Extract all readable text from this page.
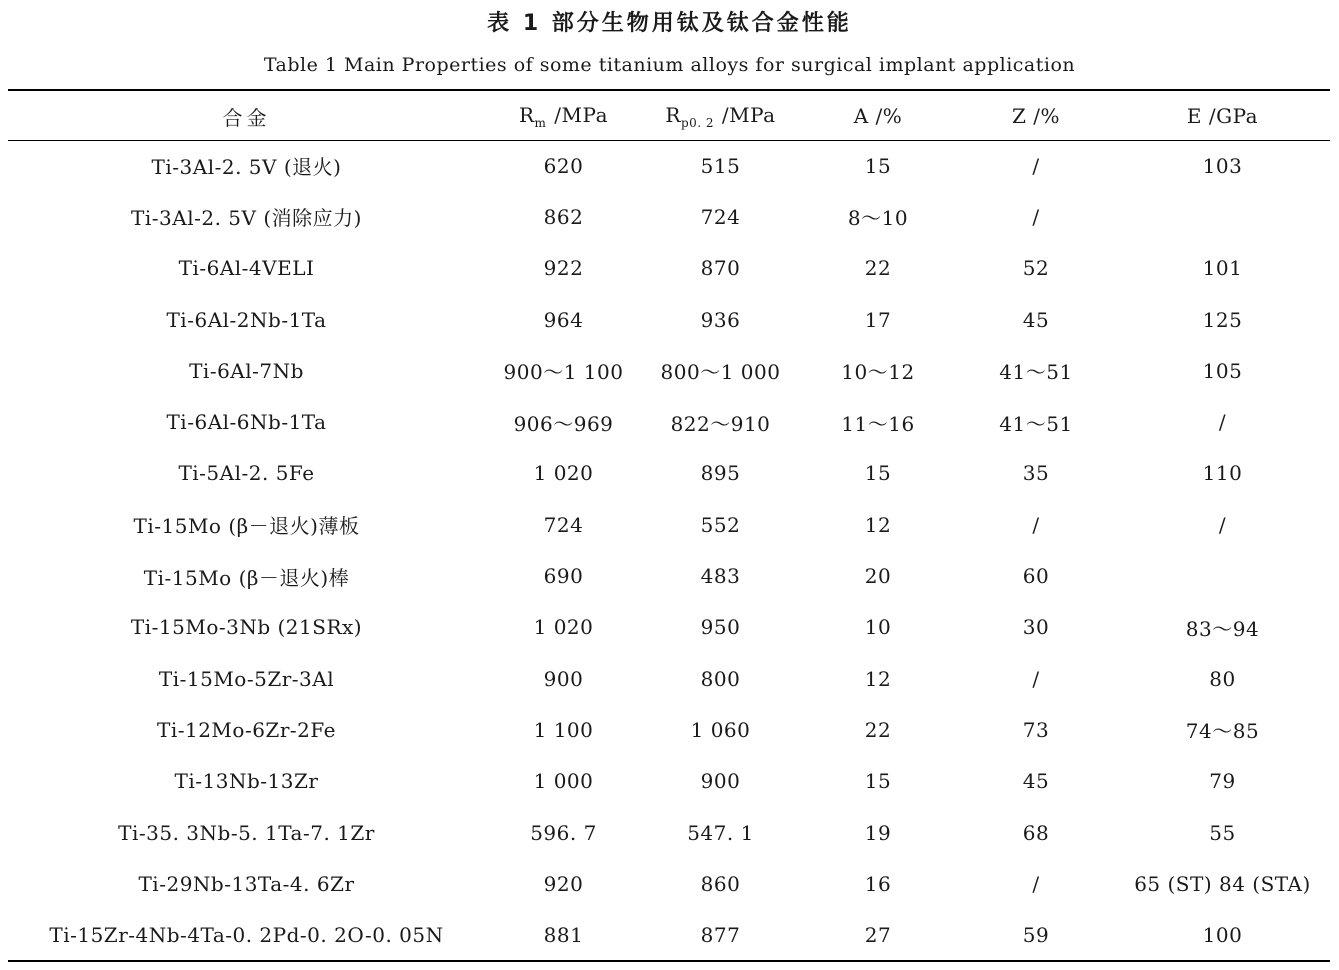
表 1 部分生物用钛及钛合金性能
Table 1 Main Properties of some titanium alloys for surgical implant application
合金	$R_m$ /MPa	$R_{p0. 2}$ /MPa	A /%	Z /%	E /GPa
Ti-3Al-2. 5V (退火)	620	515	15	/	103
Ti-3Al-2. 5V (消除应力)	862	724	8～10	/	
Ti-6Al-4VELI	922	870	22	52	101
Ti-6Al-2Nb-1Ta	964	936	17	45	125
Ti-6Al-7Nb	900～1 100	800～1 000	10～12	41～51	105
Ti-6Al-6Nb-1Ta	906～969	822～910	11～16	41～51	/
Ti-5Al-2. 5Fe	1 020	895	15	35	110
Ti-15Mo (β－退火)薄板	724	552	12	/	/
Ti-15Mo (β－退火)棒	690	483	20	60	
Ti-15Mo-3Nb (21SRx)	1 020	950	10	30	83～94
Ti-15Mo-5Zr-3Al	900	800	12	/	80
Ti-12Mo-6Zr-2Fe	1 100	1 060	22	73	74～85
Ti-13Nb-13Zr	1 000	900	15	45	79
Ti-35. 3Nb-5. 1Ta-7. 1Zr	596. 7	547. 1	19	68	55
Ti-29Nb-13Ta-4. 6Zr	920	860	16	/	65 (ST) 84 (STA)
Ti-15Zr-4Nb-4Ta-0. 2Pd-0. 2O-0. 05N	881	877	27	59	100
